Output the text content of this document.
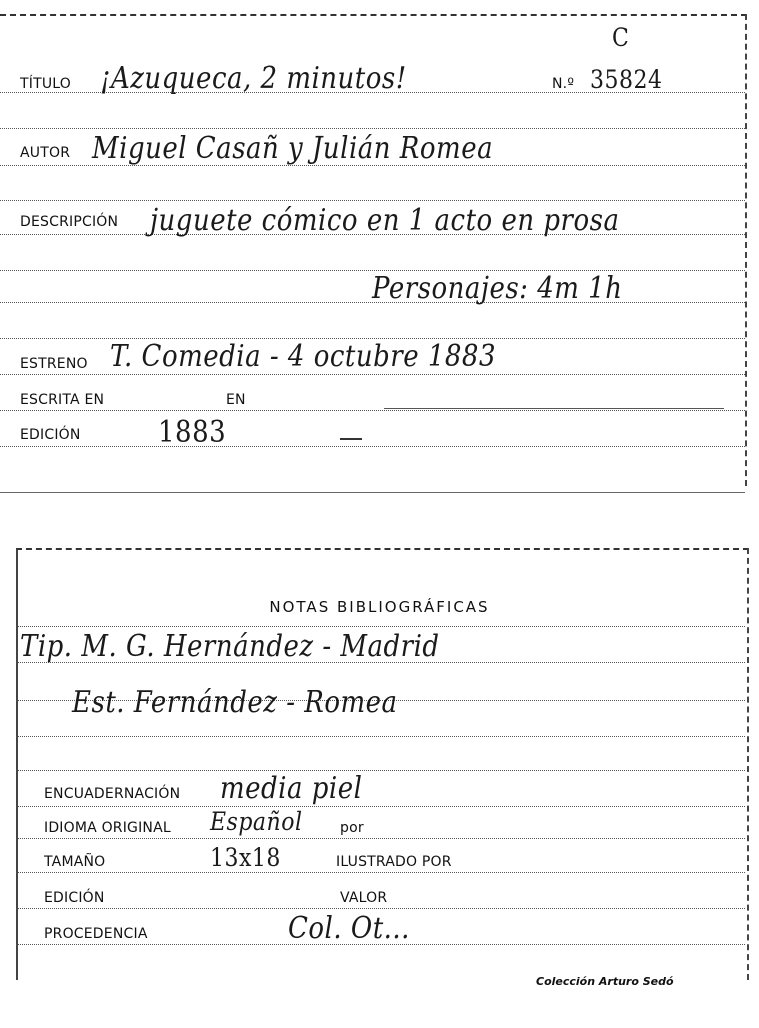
C
TÍTULO ¡Azuqueca, 2 minutos!	N.º 35824
AUTOR Miguel Casañ y Julián Romea
DESCRIPCIÓN juguete cómico en 1 acto en prosa
Personajes: 4m 1h
ESTRENO T. Comedia - 4 octubre 1883
ESCRITA EN	EN
EDICIÓN	1883
NOTAS BIBLIOGRÁFICAS
Tip. M. G. Hernández - Madrid
Est. Fernández - Romea
ENCUADERNACIÓN media piel
IDIOMA ORIGINAL Español	por
TAMAÑO	13x18	ILUSTRADO POR
EDICIÓN	VALOR
PROCEDENCIA	Col. Ot...
Colección Arturo Sedó
